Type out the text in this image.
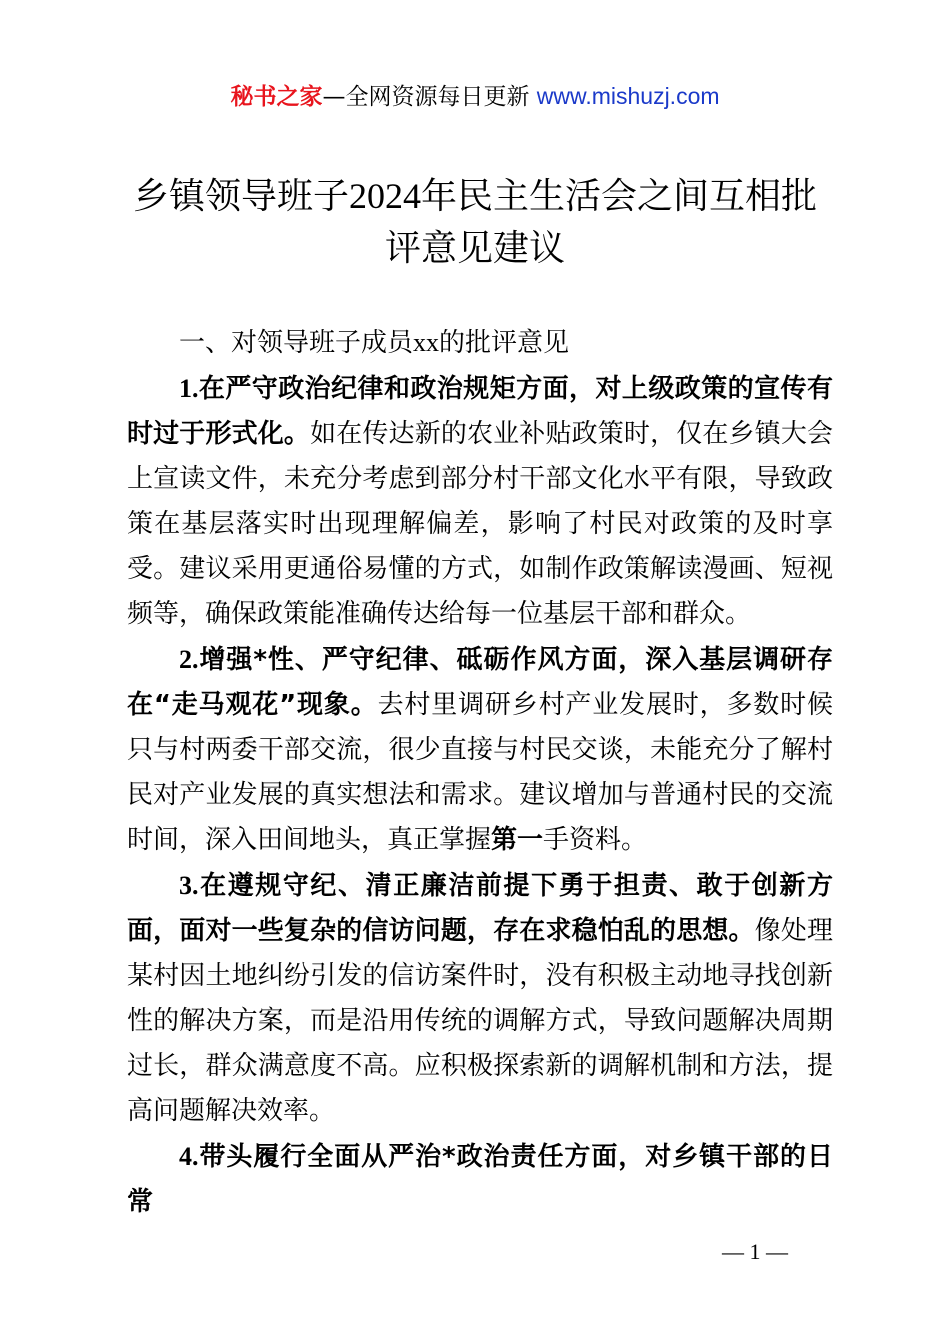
秘书之家—全网资源每日更新 www.mishuzj.com
乡镇领导班子2024年民主生活会之间互相批
评意见建议

一、对领导班子成员xx的批评意见

1.在严守政治纪律和政治规矩方面，对上级政策的宣传有时过于形式化。如在传达新的农业补贴政策时，仅在乡镇大会上宣读文件，未充分考虑到部分村干部文化水平有限，导致政策在基层落实时出现理解偏差，影响了村民对政策的及时享受。建议采用更通俗易懂的方式，如制作政策解读漫画、短视频等，确保政策能准确传达给每一位基层干部和群众。

2.增强*性、严守纪律、砥砺作风方面，深入基层调研存在“走马观花”现象。去村里调研乡村产业发展时，多数时候只与村两委干部交流，很少直接与村民交谈，未能充分了解村民对产业发展的真实想法和需求。建议增加与普通村民的交流时间，深入田间地头，真正掌握第一手资料。

3.在遵规守纪、清正廉洁前提下勇于担责、敢于创新方面，面对一些复杂的信访问题，存在求稳怕乱的思想。像处理某村因土地纠纷引发的信访案件时，没有积极主动地寻找创新性的解决方案，而是沿用传统的调解方式，导致问题解决周期过长，群众满意度不高。应积极探索新的调解机制和方法，提高问题解决效率。

4.带头履行全面从严治*政治责任方面，对乡镇干部的日常

— 1 —
